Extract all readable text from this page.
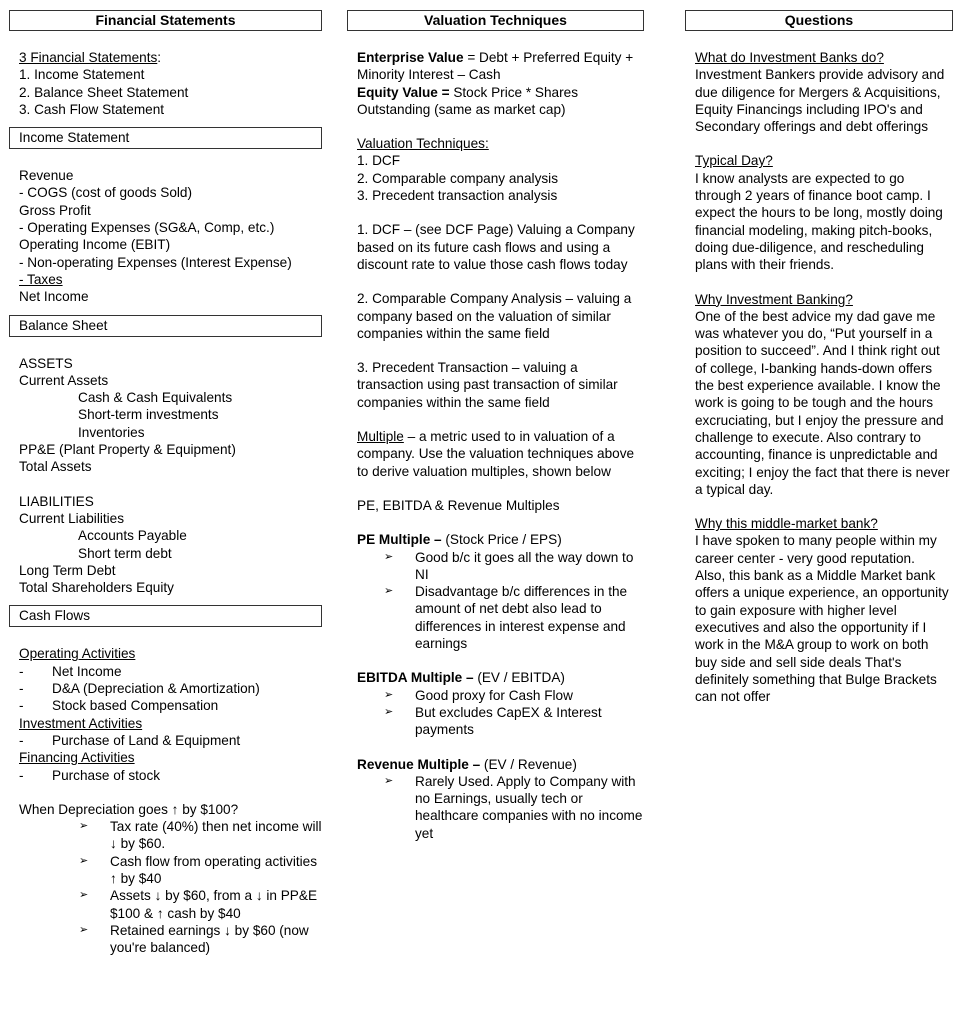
Financial Statements

3 Financial Statements:

1. Income Statement

2. Balance Sheet Statement

3. Cash Flow Statement

Income Statement

Revenue

- COGS (cost of goods Sold)

Gross Profit

- Operating Expenses (SG&A, Comp, etc.)

Operating Income (EBIT)

- Non-operating Expenses (Interest Expense)

- Taxes

Net Income

Balance Sheet

ASSETS

Current Assets

Cash & Cash Equivalents

Short-term investments

Inventories

PP&E (Plant Property & Equipment)

Total Assets

LIABILITIES

Current Liabilities

Accounts Payable

Short term debt

Long Term Debt

Total Shareholders Equity

Cash Flows

Operating Activities

-	Net Income
-	D&A (Depreciation & Amortization)
-	Stock based Compensation

Investment Activities

-	Purchase of Land & Equipment

Financing Activities

-	Purchase of stock

When Depreciation goes ↑ by $100?

➢	Tax rate (40%) then net income will ↓ by $60.
➢	Cash flow from operating activities ↑ by $40
➢	Assets ↓ by $60, from a ↓ in PP&E $100 & ↑ cash by $40
➢	Retained earnings ↓ by $60 (now you're balanced)
Valuation Techniques

Enterprise Value = Debt + Preferred Equity + Minority Interest – Cash

Equity Value = Stock Price * Shares Outstanding (same as market cap)

Valuation Techniques:

1. DCF

2. Comparable company analysis

3. Precedent transaction analysis

1. DCF – (see DCF Page) Valuing a Company based on its future cash flows and using a discount rate to value those cash flows today

2. Comparable Company Analysis – valuing a company based on the valuation of similar companies within the same field

3. Precedent Transaction – valuing a transaction using past transaction of similar companies within the same field

Multiple – a metric used to in valuation of a company. Use the valuation techniques above to derive valuation multiples, shown below

PE, EBITDA & Revenue Multiples

PE Multiple – (Stock Price / EPS)

➢	Good b/c it goes all the way down to NI
➢	Disadvantage b/c differences in the amount of net debt also lead to differences in interest expense and earnings

EBITDA Multiple – (EV / EBITDA)

➢	Good proxy for Cash Flow
➢	But excludes CapEX & Interest payments

Revenue Multiple – (EV / Revenue)

➢	Rarely Used. Apply to Company with no Earnings, usually tech or healthcare companies with no income yet
Questions

What do Investment Banks do?

Investment Bankers provide advisory and due diligence for Mergers & Acquisitions, Equity Financings including IPO's and Secondary offerings and debt offerings

Typical Day?

I know analysts are expected to go through 2 years of finance boot camp. I expect the hours to be long, mostly doing financial modeling, making pitch-books, doing due-diligence, and rescheduling plans with their friends.

Why Investment Banking?

One of the best advice my dad gave me was whatever you do, “Put yourself in a position to succeed”. And I think right out of college, I-banking hands-down offers the best experience available. I know the work is going to be tough and the hours excruciating, but I enjoy the pressure and challenge to execute. Also contrary to accounting, finance is unpredictable and exciting; I enjoy the fact that there is never a typical day.

Why this middle-market bank?

I have spoken to many people within my career center - very good reputation.

Also, this bank as a Middle Market bank offers a unique experience, an opportunity to gain exposure with higher level executives and also the opportunity if I work in the M&A group to work on both buy side and sell side deals That's definitely something that Bulge Brackets can not offer
